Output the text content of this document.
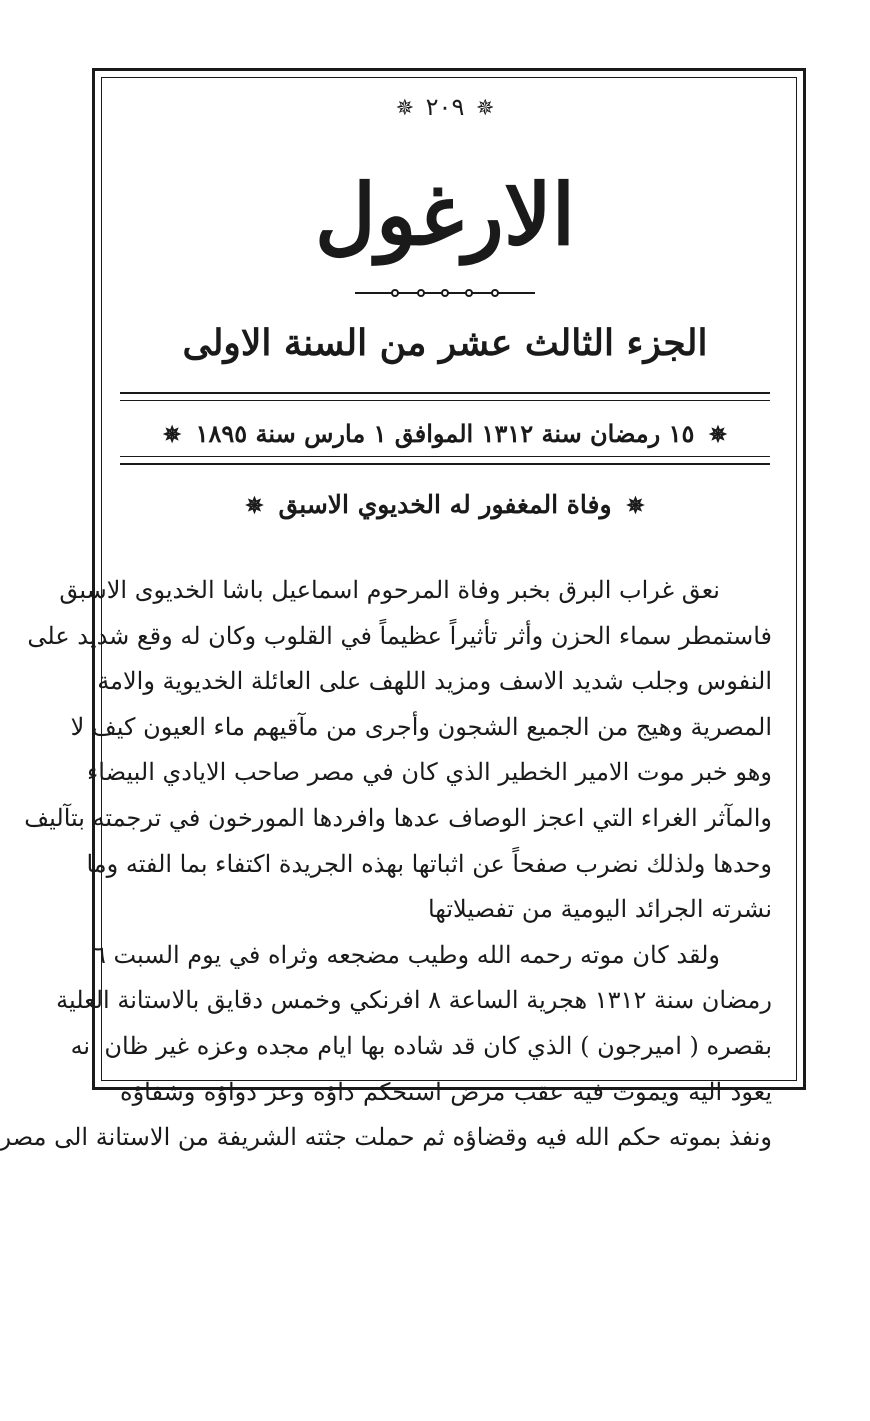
✵ ٢٠٩ ✵
الارغول
الجزء الثالث عشر من السنة الاولى
✵ ١٥ رمضان سنة ١٣١٢ الموافق ١ مارس سنة ١٨٩٥ ✵
✵ وفاة المغفور له الخديوي الاسبق ✵
نعق غراب البرق بخبر وفاة المرحوم اسماعيل باشا الخديوى الاسبق
فاستمطر سماء الحزن وأثر تأثيراً عظيماً في القلوب وكان له وقع شديد على
النفوس وجلب شديد الاسف ومزيد اللهف على العائلة الخديوية والامة
المصرية وهيج من الجميع الشجون وأجرى من مآقيهم ماء العيون كيف لا
وهو خبر موت الامير الخطير الذي كان في مصر صاحب الايادي البيضاء
والمآثر الغراء التي اعجز الوصاف عدها وافردها المورخون في ترجمته بتآليف
وحدها ولذلك نضرب صفحاً عن اثباتها بهذه الجريدة اكتفاء بما الفته وما
نشرته الجرائد اليومية من تفصيلاتها
ولقد كان موته رحمه الله وطيب مضجعه وثراه في يوم السبت ٦
رمضان سنة ١٣١٢ هجرية الساعة ٨ افرنكي وخمس دقايق بالاستانة العلية
بقصره ( اميرجون ) الذي كان قد شاده بها ايام مجده وعزه غير ظان انه
يعود اليه ويموت فيه عقب مرض استحكم داؤه وعز دواؤه وشفاؤه
ونفذ بموته حكم الله فيه وقضاؤه ثم حملت جثته الشريفة من الاستانة الى مصر
